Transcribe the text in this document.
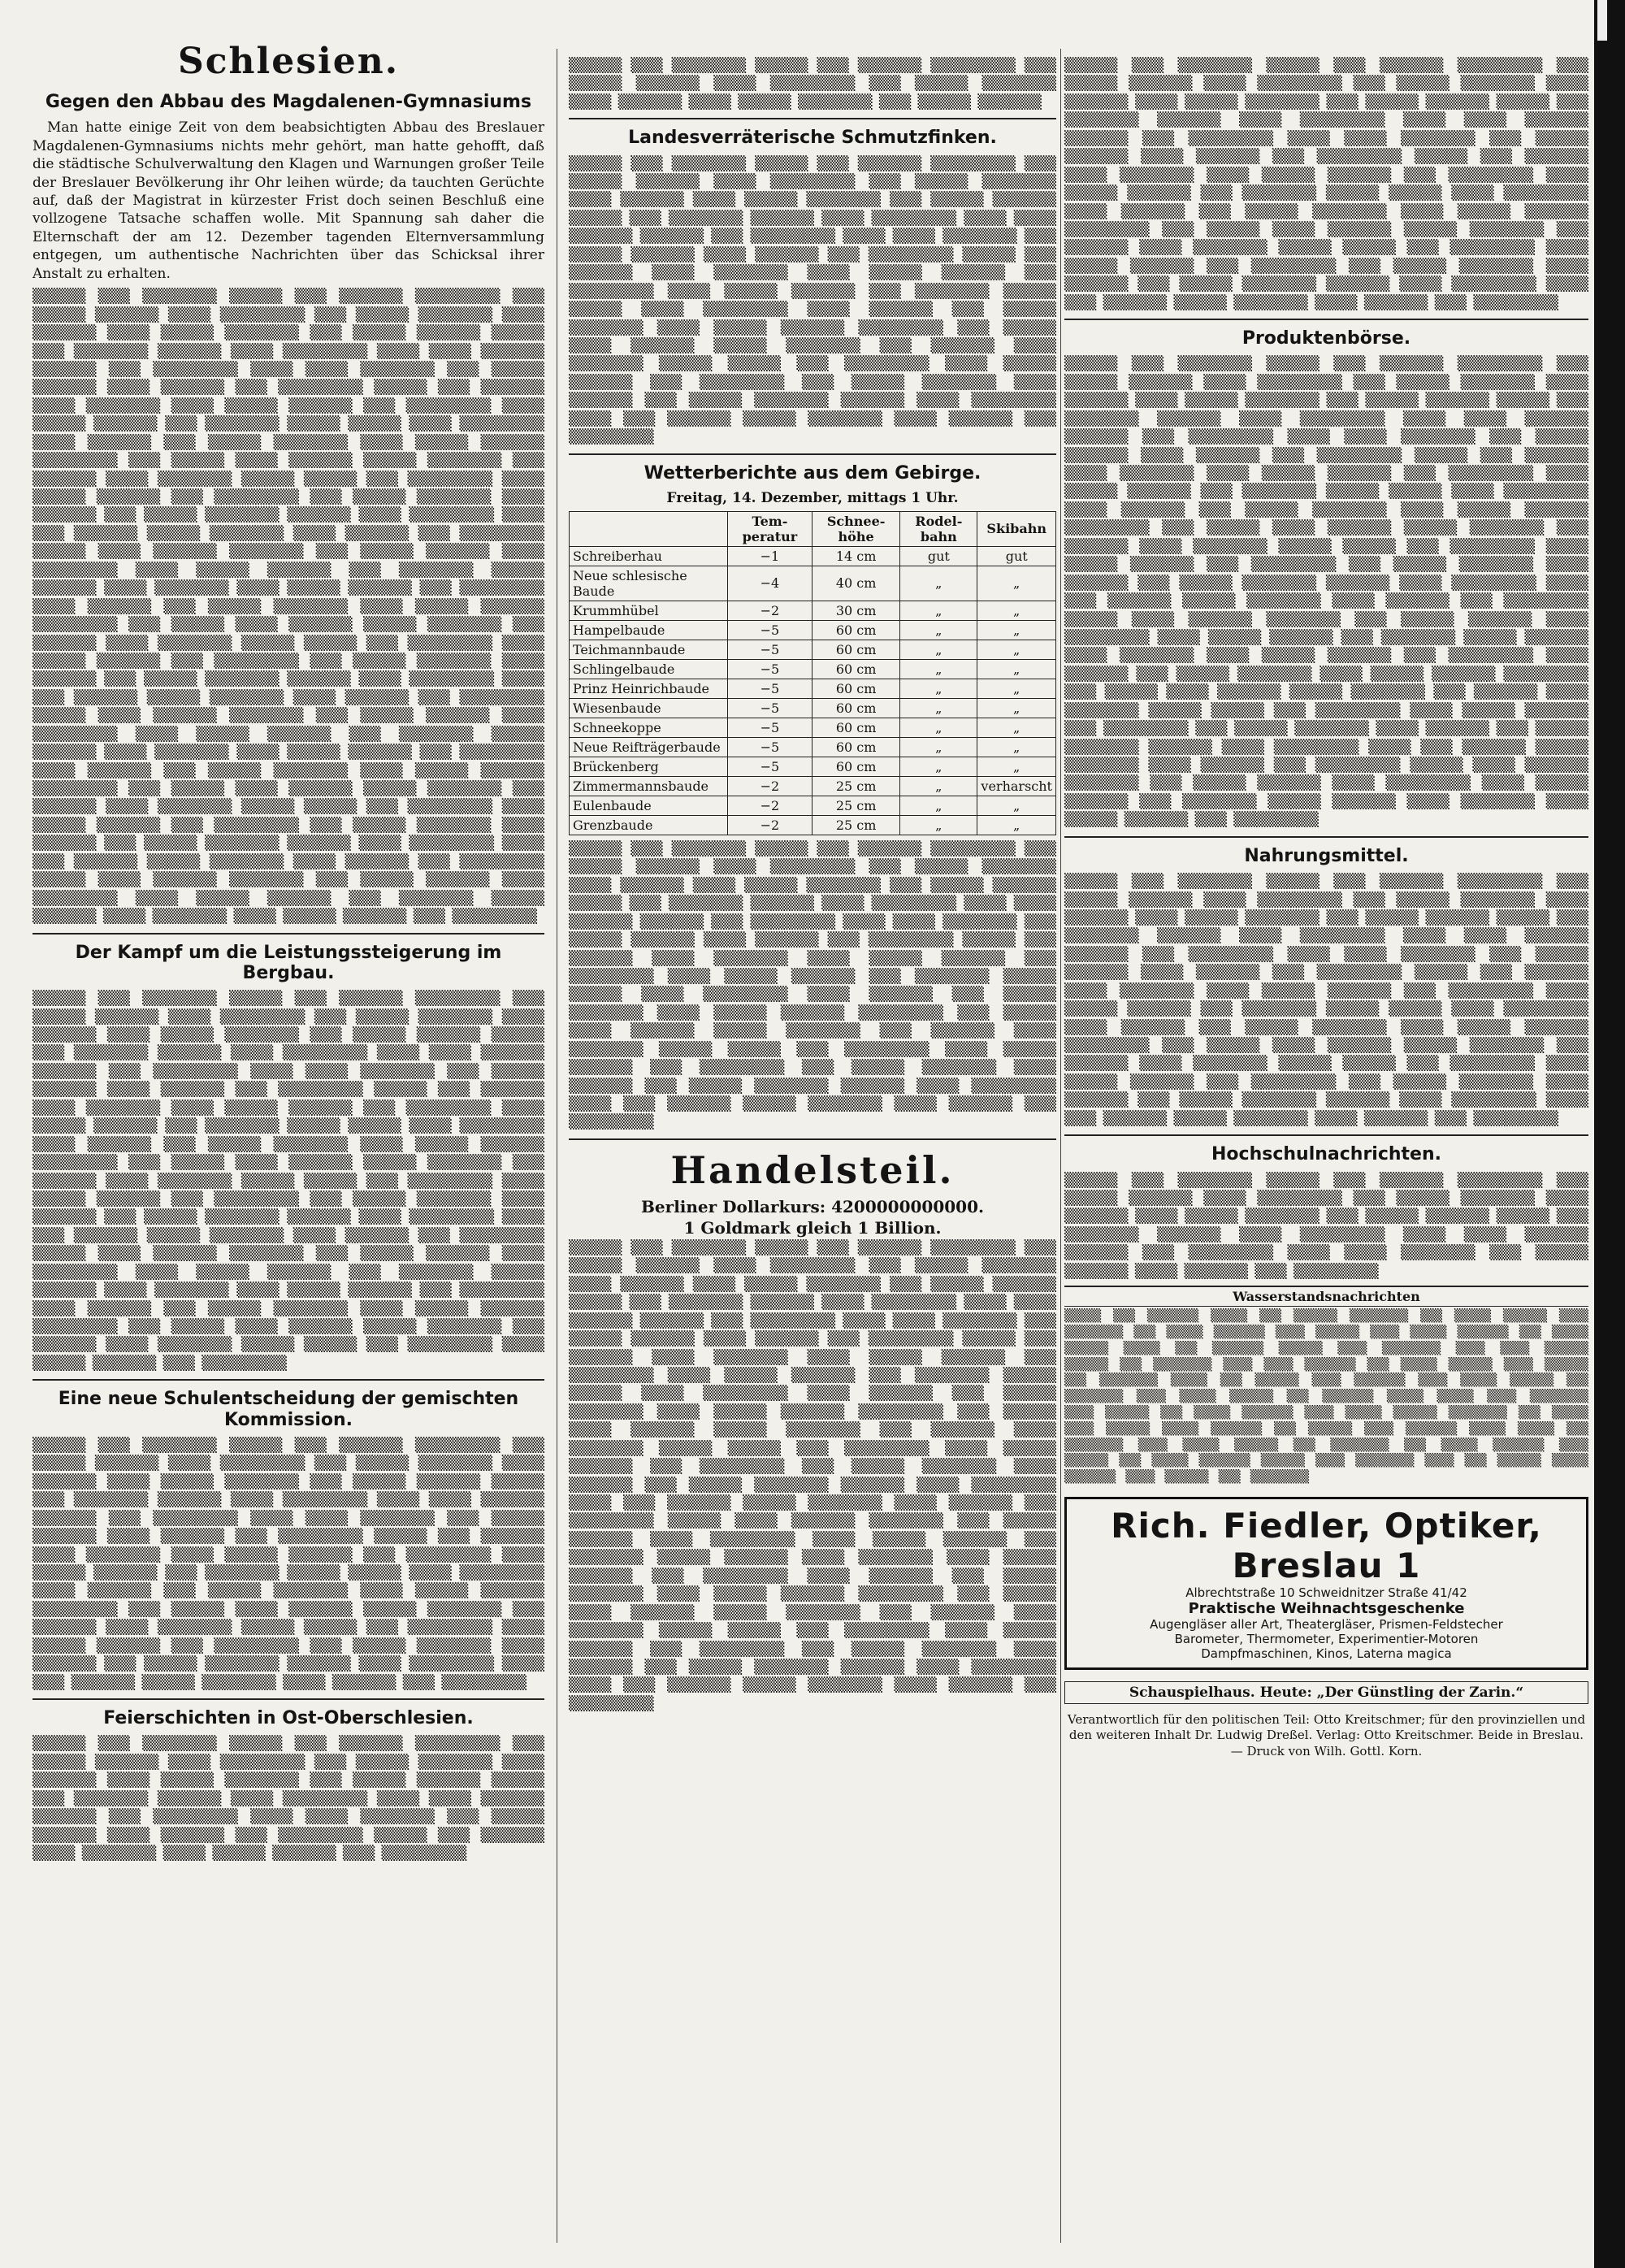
Schlesien.
Gegen den Abbau des Magdalenen-Gymnasiums

Man hatte einige Zeit von dem beabsichtigten Abbau des Breslauer Magdalenen-Gymnasiums nichts mehr gehört, man hatte gehofft, daß die städtische Schulverwaltung den Klagen und Warnungen großer Teile der Breslauer Bevölkerung ihr Ohr leihen würde; da tauchten Gerüchte auf, daß der Magistrat in kürzester Frist doch seinen Beschluß eine vollzogene Tatsache schaffen wolle. Mit Spannung sah daher die Elternschaft der am 12. Dezember tagenden Elternversammlung entgegen, um authentische Nachrichten über das Schicksal ihrer Anstalt zu erhalten.

▒▒▒▒▒ ▒▒▒ ▒▒▒▒▒▒▒ ▒▒▒▒▒ ▒▒▒ ▒▒▒▒▒▒ ▒▒▒▒▒▒▒▒ ▒▒▒ ▒▒▒▒▒ ▒▒▒▒▒▒ ▒▒▒▒ ▒▒▒▒▒▒▒▒ ▒▒▒ ▒▒▒▒▒ ▒▒▒▒▒▒▒ ▒▒▒▒ ▒▒▒▒▒▒ ▒▒▒▒ ▒▒▒▒▒ ▒▒▒▒▒▒▒ ▒▒▒ ▒▒▒▒▒ ▒▒▒▒▒▒ ▒▒▒▒▒ ▒▒▒ ▒▒▒▒▒▒▒ ▒▒▒▒▒▒ ▒▒▒▒ ▒▒▒▒▒▒▒▒ ▒▒▒▒ ▒▒▒▒ ▒▒▒▒▒▒ ▒▒▒▒▒▒ ▒▒▒ ▒▒▒▒▒▒▒▒ ▒▒▒▒ ▒▒▒▒ ▒▒▒▒▒▒▒ ▒▒▒ ▒▒▒▒▒ ▒▒▒▒▒▒ ▒▒▒▒ ▒▒▒▒▒▒ ▒▒▒ ▒▒▒▒▒▒▒▒ ▒▒▒▒▒ ▒▒▒ ▒▒▒▒▒▒ ▒▒▒▒ ▒▒▒▒▒▒▒ ▒▒▒▒ ▒▒▒▒▒ ▒▒▒▒▒▒ ▒▒▒ ▒▒▒▒▒▒▒▒ ▒▒▒▒ ▒▒▒▒▒ ▒▒▒▒▒▒ ▒▒▒ ▒▒▒▒▒▒▒ ▒▒▒▒▒ ▒▒▒▒▒ ▒▒▒▒ ▒▒▒▒▒▒▒▒ ▒▒▒▒ ▒▒▒▒▒▒ ▒▒▒ ▒▒▒▒▒ ▒▒▒▒▒▒▒ ▒▒▒▒ ▒▒▒▒▒ ▒▒▒▒▒▒ ▒▒▒▒▒▒▒▒ ▒▒▒ ▒▒▒▒▒ ▒▒▒▒ ▒▒▒▒▒▒ ▒▒▒▒▒ ▒▒▒▒▒▒▒ ▒▒▒ ▒▒▒▒▒▒ ▒▒▒▒ ▒▒▒▒▒▒▒ ▒▒▒▒▒ ▒▒▒▒▒ ▒▒▒ ▒▒▒▒▒▒▒▒ ▒▒▒▒ ▒▒▒▒▒ ▒▒▒▒▒▒ ▒▒▒ ▒▒▒▒▒▒▒▒ ▒▒▒ ▒▒▒▒▒ ▒▒▒▒▒▒▒ ▒▒▒▒ ▒▒▒▒▒▒ ▒▒▒ ▒▒▒▒▒ ▒▒▒▒▒▒▒ ▒▒▒▒▒▒ ▒▒▒▒ ▒▒▒▒▒▒▒▒ ▒▒▒▒ ▒▒▒ ▒▒▒▒▒▒ ▒▒▒▒▒ ▒▒▒▒▒▒▒ ▒▒▒▒ ▒▒▒▒▒▒ ▒▒▒ ▒▒▒▒▒▒▒▒ ▒▒▒▒▒ ▒▒▒▒ ▒▒▒▒▒▒ ▒▒▒▒▒▒▒ ▒▒▒ ▒▒▒▒▒ ▒▒▒▒▒▒ ▒▒▒▒ ▒▒▒▒▒▒▒▒ ▒▒▒▒ ▒▒▒▒▒ ▒▒▒▒▒▒ ▒▒▒ ▒▒▒▒▒▒▒ ▒▒▒▒▒ ▒▒▒▒▒▒ ▒▒▒▒ ▒▒▒▒▒▒▒ ▒▒▒▒ ▒▒▒▒▒ ▒▒▒▒▒▒ ▒▒▒ ▒▒▒▒▒▒▒▒ ▒▒▒▒ ▒▒▒▒▒▒ ▒▒▒ ▒▒▒▒▒ ▒▒▒▒▒▒▒ ▒▒▒▒ ▒▒▒▒▒ ▒▒▒▒▒▒ ▒▒▒▒▒▒▒▒ ▒▒▒ ▒▒▒▒▒ ▒▒▒▒ ▒▒▒▒▒▒ ▒▒▒▒▒ ▒▒▒▒▒▒▒ ▒▒▒ ▒▒▒▒▒▒ ▒▒▒▒ ▒▒▒▒▒▒▒ ▒▒▒▒▒ ▒▒▒▒▒ ▒▒▒ ▒▒▒▒▒▒▒▒ ▒▒▒▒ ▒▒▒▒▒ ▒▒▒▒▒▒ ▒▒▒ ▒▒▒▒▒▒▒▒ ▒▒▒ ▒▒▒▒▒ ▒▒▒▒▒▒▒ ▒▒▒▒ ▒▒▒▒▒▒ ▒▒▒ ▒▒▒▒▒ ▒▒▒▒▒▒▒ ▒▒▒▒▒▒ ▒▒▒▒ ▒▒▒▒▒▒▒▒ ▒▒▒▒ ▒▒▒ ▒▒▒▒▒▒ ▒▒▒▒▒ ▒▒▒▒▒▒▒ ▒▒▒▒ ▒▒▒▒▒▒ ▒▒▒ ▒▒▒▒▒▒▒▒ ▒▒▒▒▒ ▒▒▒▒ ▒▒▒▒▒▒ ▒▒▒▒▒▒▒ ▒▒▒ ▒▒▒▒▒ ▒▒▒▒▒▒ ▒▒▒▒ ▒▒▒▒▒▒▒▒ ▒▒▒▒ ▒▒▒▒▒ ▒▒▒▒▒▒ ▒▒▒ ▒▒▒▒▒▒▒ ▒▒▒▒▒ ▒▒▒▒▒▒ ▒▒▒▒ ▒▒▒▒▒▒▒ ▒▒▒▒ ▒▒▒▒▒ ▒▒▒▒▒▒ ▒▒▒ ▒▒▒▒▒▒▒▒ ▒▒▒▒ ▒▒▒▒▒▒ ▒▒▒ ▒▒▒▒▒ ▒▒▒▒▒▒▒ ▒▒▒▒ ▒▒▒▒▒ ▒▒▒▒▒▒ ▒▒▒▒▒▒▒▒ ▒▒▒ ▒▒▒▒▒ ▒▒▒▒ ▒▒▒▒▒▒ ▒▒▒▒▒ ▒▒▒▒▒▒▒ ▒▒▒ ▒▒▒▒▒▒ ▒▒▒▒ ▒▒▒▒▒▒▒ ▒▒▒▒▒ ▒▒▒▒▒ ▒▒▒ ▒▒▒▒▒▒▒▒ ▒▒▒▒ ▒▒▒▒▒ ▒▒▒▒▒▒ ▒▒▒ ▒▒▒▒▒▒▒▒ ▒▒▒ ▒▒▒▒▒ ▒▒▒▒▒▒▒ ▒▒▒▒ ▒▒▒▒▒▒ ▒▒▒ ▒▒▒▒▒ ▒▒▒▒▒▒▒ ▒▒▒▒▒▒ ▒▒▒▒ ▒▒▒▒▒▒▒▒ ▒▒▒▒ ▒▒▒ ▒▒▒▒▒▒ ▒▒▒▒▒ ▒▒▒▒▒▒▒ ▒▒▒▒ ▒▒▒▒▒▒ ▒▒▒ ▒▒▒▒▒▒▒▒ ▒▒▒▒▒ ▒▒▒▒ ▒▒▒▒▒▒ ▒▒▒▒▒▒▒ ▒▒▒ ▒▒▒▒▒ ▒▒▒▒▒▒ ▒▒▒▒ ▒▒▒▒▒▒▒▒ ▒▒▒▒ ▒▒▒▒▒ ▒▒▒▒▒▒ ▒▒▒ ▒▒▒▒▒▒▒ ▒▒▒▒▒ ▒▒▒▒▒▒ ▒▒▒▒ ▒▒▒▒▒▒▒ ▒▒▒▒ ▒▒▒▒▒ ▒▒▒▒▒▒ ▒▒▒ ▒▒▒▒▒▒▒▒

Der Kampf um die Leistungssteigerung im Bergbau.

▒▒▒▒▒ ▒▒▒ ▒▒▒▒▒▒▒ ▒▒▒▒▒ ▒▒▒ ▒▒▒▒▒▒ ▒▒▒▒▒▒▒▒ ▒▒▒ ▒▒▒▒▒ ▒▒▒▒▒▒ ▒▒▒▒ ▒▒▒▒▒▒▒▒ ▒▒▒ ▒▒▒▒▒ ▒▒▒▒▒▒▒ ▒▒▒▒ ▒▒▒▒▒▒ ▒▒▒▒ ▒▒▒▒▒ ▒▒▒▒▒▒▒ ▒▒▒ ▒▒▒▒▒ ▒▒▒▒▒▒ ▒▒▒▒▒ ▒▒▒ ▒▒▒▒▒▒▒ ▒▒▒▒▒▒ ▒▒▒▒ ▒▒▒▒▒▒▒▒ ▒▒▒▒ ▒▒▒▒ ▒▒▒▒▒▒ ▒▒▒▒▒▒ ▒▒▒ ▒▒▒▒▒▒▒▒ ▒▒▒▒ ▒▒▒▒ ▒▒▒▒▒▒▒ ▒▒▒ ▒▒▒▒▒ ▒▒▒▒▒▒ ▒▒▒▒ ▒▒▒▒▒▒ ▒▒▒ ▒▒▒▒▒▒▒▒ ▒▒▒▒▒ ▒▒▒ ▒▒▒▒▒▒ ▒▒▒▒ ▒▒▒▒▒▒▒ ▒▒▒▒ ▒▒▒▒▒ ▒▒▒▒▒▒ ▒▒▒ ▒▒▒▒▒▒▒▒ ▒▒▒▒ ▒▒▒▒▒ ▒▒▒▒▒▒ ▒▒▒ ▒▒▒▒▒▒▒ ▒▒▒▒▒ ▒▒▒▒▒ ▒▒▒▒ ▒▒▒▒▒▒▒▒ ▒▒▒▒ ▒▒▒▒▒▒ ▒▒▒ ▒▒▒▒▒ ▒▒▒▒▒▒▒ ▒▒▒▒ ▒▒▒▒▒ ▒▒▒▒▒▒ ▒▒▒▒▒▒▒▒ ▒▒▒ ▒▒▒▒▒ ▒▒▒▒ ▒▒▒▒▒▒ ▒▒▒▒▒ ▒▒▒▒▒▒▒ ▒▒▒ ▒▒▒▒▒▒ ▒▒▒▒ ▒▒▒▒▒▒▒ ▒▒▒▒▒ ▒▒▒▒▒ ▒▒▒ ▒▒▒▒▒▒▒▒ ▒▒▒▒ ▒▒▒▒▒ ▒▒▒▒▒▒ ▒▒▒ ▒▒▒▒▒▒▒▒ ▒▒▒ ▒▒▒▒▒ ▒▒▒▒▒▒▒ ▒▒▒▒ ▒▒▒▒▒▒ ▒▒▒ ▒▒▒▒▒ ▒▒▒▒▒▒▒ ▒▒▒▒▒▒ ▒▒▒▒ ▒▒▒▒▒▒▒▒ ▒▒▒▒ ▒▒▒ ▒▒▒▒▒▒ ▒▒▒▒▒ ▒▒▒▒▒▒▒ ▒▒▒▒ ▒▒▒▒▒▒ ▒▒▒ ▒▒▒▒▒▒▒▒ ▒▒▒▒▒ ▒▒▒▒ ▒▒▒▒▒▒ ▒▒▒▒▒▒▒ ▒▒▒ ▒▒▒▒▒ ▒▒▒▒▒▒ ▒▒▒▒ ▒▒▒▒▒▒▒▒ ▒▒▒▒ ▒▒▒▒▒ ▒▒▒▒▒▒ ▒▒▒ ▒▒▒▒▒▒▒ ▒▒▒▒▒ ▒▒▒▒▒▒ ▒▒▒▒ ▒▒▒▒▒▒▒ ▒▒▒▒ ▒▒▒▒▒ ▒▒▒▒▒▒ ▒▒▒ ▒▒▒▒▒▒▒▒ ▒▒▒▒ ▒▒▒▒▒▒ ▒▒▒ ▒▒▒▒▒ ▒▒▒▒▒▒▒ ▒▒▒▒ ▒▒▒▒▒ ▒▒▒▒▒▒ ▒▒▒▒▒▒▒▒ ▒▒▒ ▒▒▒▒▒ ▒▒▒▒ ▒▒▒▒▒▒ ▒▒▒▒▒ ▒▒▒▒▒▒▒ ▒▒▒ ▒▒▒▒▒▒ ▒▒▒▒ ▒▒▒▒▒▒▒ ▒▒▒▒▒ ▒▒▒▒▒ ▒▒▒ ▒▒▒▒▒▒▒▒ ▒▒▒▒ ▒▒▒▒▒ ▒▒▒▒▒▒ ▒▒▒ ▒▒▒▒▒▒▒▒

Eine neue Schulentscheidung der gemischten Kommission.

▒▒▒▒▒ ▒▒▒ ▒▒▒▒▒▒▒ ▒▒▒▒▒ ▒▒▒ ▒▒▒▒▒▒ ▒▒▒▒▒▒▒▒ ▒▒▒ ▒▒▒▒▒ ▒▒▒▒▒▒ ▒▒▒▒ ▒▒▒▒▒▒▒▒ ▒▒▒ ▒▒▒▒▒ ▒▒▒▒▒▒▒ ▒▒▒▒ ▒▒▒▒▒▒ ▒▒▒▒ ▒▒▒▒▒ ▒▒▒▒▒▒▒ ▒▒▒ ▒▒▒▒▒ ▒▒▒▒▒▒ ▒▒▒▒▒ ▒▒▒ ▒▒▒▒▒▒▒ ▒▒▒▒▒▒ ▒▒▒▒ ▒▒▒▒▒▒▒▒ ▒▒▒▒ ▒▒▒▒ ▒▒▒▒▒▒ ▒▒▒▒▒▒ ▒▒▒ ▒▒▒▒▒▒▒▒ ▒▒▒▒ ▒▒▒▒ ▒▒▒▒▒▒▒ ▒▒▒ ▒▒▒▒▒ ▒▒▒▒▒▒ ▒▒▒▒ ▒▒▒▒▒▒ ▒▒▒ ▒▒▒▒▒▒▒▒ ▒▒▒▒▒ ▒▒▒ ▒▒▒▒▒▒ ▒▒▒▒ ▒▒▒▒▒▒▒ ▒▒▒▒ ▒▒▒▒▒ ▒▒▒▒▒▒ ▒▒▒ ▒▒▒▒▒▒▒▒ ▒▒▒▒ ▒▒▒▒▒ ▒▒▒▒▒▒ ▒▒▒ ▒▒▒▒▒▒▒ ▒▒▒▒▒ ▒▒▒▒▒ ▒▒▒▒ ▒▒▒▒▒▒▒▒ ▒▒▒▒ ▒▒▒▒▒▒ ▒▒▒ ▒▒▒▒▒ ▒▒▒▒▒▒▒ ▒▒▒▒ ▒▒▒▒▒ ▒▒▒▒▒▒ ▒▒▒▒▒▒▒▒ ▒▒▒ ▒▒▒▒▒ ▒▒▒▒ ▒▒▒▒▒▒ ▒▒▒▒▒ ▒▒▒▒▒▒▒ ▒▒▒ ▒▒▒▒▒▒ ▒▒▒▒ ▒▒▒▒▒▒▒ ▒▒▒▒▒ ▒▒▒▒▒ ▒▒▒ ▒▒▒▒▒▒▒▒ ▒▒▒▒ ▒▒▒▒▒ ▒▒▒▒▒▒ ▒▒▒ ▒▒▒▒▒▒▒▒ ▒▒▒ ▒▒▒▒▒ ▒▒▒▒▒▒▒ ▒▒▒▒ ▒▒▒▒▒▒ ▒▒▒ ▒▒▒▒▒ ▒▒▒▒▒▒▒ ▒▒▒▒▒▒ ▒▒▒▒ ▒▒▒▒▒▒▒▒ ▒▒▒▒ ▒▒▒ ▒▒▒▒▒▒ ▒▒▒▒▒ ▒▒▒▒▒▒▒ ▒▒▒▒ ▒▒▒▒▒▒ ▒▒▒ ▒▒▒▒▒▒▒▒

Feierschichten in Ost-Oberschlesien.

▒▒▒▒▒ ▒▒▒ ▒▒▒▒▒▒▒ ▒▒▒▒▒ ▒▒▒ ▒▒▒▒▒▒ ▒▒▒▒▒▒▒▒ ▒▒▒ ▒▒▒▒▒ ▒▒▒▒▒▒ ▒▒▒▒ ▒▒▒▒▒▒▒▒ ▒▒▒ ▒▒▒▒▒ ▒▒▒▒▒▒▒ ▒▒▒▒ ▒▒▒▒▒▒ ▒▒▒▒ ▒▒▒▒▒ ▒▒▒▒▒▒▒ ▒▒▒ ▒▒▒▒▒ ▒▒▒▒▒▒ ▒▒▒▒▒ ▒▒▒ ▒▒▒▒▒▒▒ ▒▒▒▒▒▒ ▒▒▒▒ ▒▒▒▒▒▒▒▒ ▒▒▒▒ ▒▒▒▒ ▒▒▒▒▒▒ ▒▒▒▒▒▒ ▒▒▒ ▒▒▒▒▒▒▒▒ ▒▒▒▒ ▒▒▒▒ ▒▒▒▒▒▒▒ ▒▒▒ ▒▒▒▒▒ ▒▒▒▒▒▒ ▒▒▒▒ ▒▒▒▒▒▒ ▒▒▒ ▒▒▒▒▒▒▒▒ ▒▒▒▒▒ ▒▒▒ ▒▒▒▒▒▒ ▒▒▒▒ ▒▒▒▒▒▒▒ ▒▒▒▒ ▒▒▒▒▒ ▒▒▒▒▒▒ ▒▒▒ ▒▒▒▒▒▒▒▒

▒▒▒▒▒ ▒▒▒ ▒▒▒▒▒▒▒ ▒▒▒▒▒ ▒▒▒ ▒▒▒▒▒▒ ▒▒▒▒▒▒▒▒ ▒▒▒ ▒▒▒▒▒ ▒▒▒▒▒▒ ▒▒▒▒ ▒▒▒▒▒▒▒▒ ▒▒▒ ▒▒▒▒▒ ▒▒▒▒▒▒▒ ▒▒▒▒ ▒▒▒▒▒▒ ▒▒▒▒ ▒▒▒▒▒ ▒▒▒▒▒▒▒ ▒▒▒ ▒▒▒▒▒ ▒▒▒▒▒▒

Landesverräterische Schmutzfinken.

▒▒▒▒▒ ▒▒▒ ▒▒▒▒▒▒▒ ▒▒▒▒▒ ▒▒▒ ▒▒▒▒▒▒ ▒▒▒▒▒▒▒▒ ▒▒▒ ▒▒▒▒▒ ▒▒▒▒▒▒ ▒▒▒▒ ▒▒▒▒▒▒▒▒ ▒▒▒ ▒▒▒▒▒ ▒▒▒▒▒▒▒ ▒▒▒▒ ▒▒▒▒▒▒ ▒▒▒▒ ▒▒▒▒▒ ▒▒▒▒▒▒▒ ▒▒▒ ▒▒▒▒▒ ▒▒▒▒▒▒ ▒▒▒▒▒ ▒▒▒ ▒▒▒▒▒▒▒ ▒▒▒▒▒▒ ▒▒▒▒ ▒▒▒▒▒▒▒▒ ▒▒▒▒ ▒▒▒▒ ▒▒▒▒▒▒ ▒▒▒▒▒▒ ▒▒▒ ▒▒▒▒▒▒▒▒ ▒▒▒▒ ▒▒▒▒ ▒▒▒▒▒▒▒ ▒▒▒ ▒▒▒▒▒ ▒▒▒▒▒▒ ▒▒▒▒ ▒▒▒▒▒▒ ▒▒▒ ▒▒▒▒▒▒▒▒ ▒▒▒▒▒ ▒▒▒ ▒▒▒▒▒▒ ▒▒▒▒ ▒▒▒▒▒▒▒ ▒▒▒▒ ▒▒▒▒▒ ▒▒▒▒▒▒ ▒▒▒ ▒▒▒▒▒▒▒▒ ▒▒▒▒ ▒▒▒▒▒ ▒▒▒▒▒▒ ▒▒▒ ▒▒▒▒▒▒▒ ▒▒▒▒▒ ▒▒▒▒▒ ▒▒▒▒ ▒▒▒▒▒▒▒▒ ▒▒▒▒ ▒▒▒▒▒▒ ▒▒▒ ▒▒▒▒▒ ▒▒▒▒▒▒▒ ▒▒▒▒ ▒▒▒▒▒ ▒▒▒▒▒▒ ▒▒▒▒▒▒▒▒ ▒▒▒ ▒▒▒▒▒ ▒▒▒▒ ▒▒▒▒▒▒ ▒▒▒▒▒ ▒▒▒▒▒▒▒ ▒▒▒ ▒▒▒▒▒▒ ▒▒▒▒ ▒▒▒▒▒▒▒ ▒▒▒▒▒ ▒▒▒▒▒ ▒▒▒ ▒▒▒▒▒▒▒▒ ▒▒▒▒ ▒▒▒▒▒ ▒▒▒▒▒▒ ▒▒▒ ▒▒▒▒▒▒▒▒ ▒▒▒ ▒▒▒▒▒ ▒▒▒▒▒▒▒ ▒▒▒▒ ▒▒▒▒▒▒ ▒▒▒ ▒▒▒▒▒ ▒▒▒▒▒▒▒ ▒▒▒▒▒▒ ▒▒▒▒ ▒▒▒▒▒▒▒▒ ▒▒▒▒ ▒▒▒ ▒▒▒▒▒▒ ▒▒▒▒▒ ▒▒▒▒▒▒▒ ▒▒▒▒ ▒▒▒▒▒▒ ▒▒▒ ▒▒▒▒▒▒▒▒

Wetterberichte aus dem Gebirge.
Freitag, 14. Dezember, mittags 1 Uhr.
	Tem-peratur	Schnee-höhe	Rodel-bahn	Skibahn
Schreiberhau	−1	14 cm	gut	gut
Neue schlesische Baude	−4	40 cm	„	„
Krummhübel	−2	30 cm	„	„
Hampelbaude	−5	60 cm	„	„
Teichmannbaude	−5	60 cm	„	„
Schlingelbaude	−5	60 cm	„	„
Prinz Heinrichbaude	−5	60 cm	„	„
Wiesenbaude	−5	60 cm	„	„
Schneekoppe	−5	60 cm	„	„
Neue Reifträgerbaude	−5	60 cm	„	„
Brückenberg	−5	60 cm	„	„
Zimmermannsbaude	−2	25 cm	„	verharscht
Eulenbaude	−2	25 cm	„	„
Grenzbaude	−2	25 cm	„	„

▒▒▒▒▒ ▒▒▒ ▒▒▒▒▒▒▒ ▒▒▒▒▒ ▒▒▒ ▒▒▒▒▒▒ ▒▒▒▒▒▒▒▒ ▒▒▒ ▒▒▒▒▒ ▒▒▒▒▒▒ ▒▒▒▒ ▒▒▒▒▒▒▒▒ ▒▒▒ ▒▒▒▒▒ ▒▒▒▒▒▒▒ ▒▒▒▒ ▒▒▒▒▒▒ ▒▒▒▒ ▒▒▒▒▒ ▒▒▒▒▒▒▒ ▒▒▒ ▒▒▒▒▒ ▒▒▒▒▒▒ ▒▒▒▒▒ ▒▒▒ ▒▒▒▒▒▒▒ ▒▒▒▒▒▒ ▒▒▒▒ ▒▒▒▒▒▒▒▒ ▒▒▒▒ ▒▒▒▒ ▒▒▒▒▒▒ ▒▒▒▒▒▒ ▒▒▒ ▒▒▒▒▒▒▒▒ ▒▒▒▒ ▒▒▒▒ ▒▒▒▒▒▒▒ ▒▒▒ ▒▒▒▒▒ ▒▒▒▒▒▒ ▒▒▒▒ ▒▒▒▒▒▒ ▒▒▒ ▒▒▒▒▒▒▒▒ ▒▒▒▒▒ ▒▒▒ ▒▒▒▒▒▒ ▒▒▒▒ ▒▒▒▒▒▒▒ ▒▒▒▒ ▒▒▒▒▒ ▒▒▒▒▒▒ ▒▒▒ ▒▒▒▒▒▒▒▒ ▒▒▒▒ ▒▒▒▒▒ ▒▒▒▒▒▒ ▒▒▒ ▒▒▒▒▒▒▒ ▒▒▒▒▒ ▒▒▒▒▒ ▒▒▒▒ ▒▒▒▒▒▒▒▒ ▒▒▒▒ ▒▒▒▒▒▒ ▒▒▒ ▒▒▒▒▒ ▒▒▒▒▒▒▒ ▒▒▒▒ ▒▒▒▒▒ ▒▒▒▒▒▒ ▒▒▒▒▒▒▒▒ ▒▒▒ ▒▒▒▒▒ ▒▒▒▒ ▒▒▒▒▒▒ ▒▒▒▒▒ ▒▒▒▒▒▒▒ ▒▒▒ ▒▒▒▒▒▒ ▒▒▒▒ ▒▒▒▒▒▒▒ ▒▒▒▒▒ ▒▒▒▒▒ ▒▒▒ ▒▒▒▒▒▒▒▒ ▒▒▒▒ ▒▒▒▒▒ ▒▒▒▒▒▒ ▒▒▒ ▒▒▒▒▒▒▒▒ ▒▒▒ ▒▒▒▒▒ ▒▒▒▒▒▒▒ ▒▒▒▒ ▒▒▒▒▒▒ ▒▒▒ ▒▒▒▒▒ ▒▒▒▒▒▒▒ ▒▒▒▒▒▒ ▒▒▒▒ ▒▒▒▒▒▒▒▒ ▒▒▒▒ ▒▒▒ ▒▒▒▒▒▒ ▒▒▒▒▒ ▒▒▒▒▒▒▒ ▒▒▒▒ ▒▒▒▒▒▒ ▒▒▒ ▒▒▒▒▒▒▒▒

Handelsteil.
Berliner Dollarkurs: 4200000000000.
1 Goldmark gleich 1 Billion.

▒▒▒▒▒ ▒▒▒ ▒▒▒▒▒▒▒ ▒▒▒▒▒ ▒▒▒ ▒▒▒▒▒▒ ▒▒▒▒▒▒▒▒ ▒▒▒ ▒▒▒▒▒ ▒▒▒▒▒▒ ▒▒▒▒ ▒▒▒▒▒▒▒▒ ▒▒▒ ▒▒▒▒▒ ▒▒▒▒▒▒▒ ▒▒▒▒ ▒▒▒▒▒▒ ▒▒▒▒ ▒▒▒▒▒ ▒▒▒▒▒▒▒ ▒▒▒ ▒▒▒▒▒ ▒▒▒▒▒▒ ▒▒▒▒▒ ▒▒▒ ▒▒▒▒▒▒▒ ▒▒▒▒▒▒ ▒▒▒▒ ▒▒▒▒▒▒▒▒ ▒▒▒▒ ▒▒▒▒ ▒▒▒▒▒▒ ▒▒▒▒▒▒ ▒▒▒ ▒▒▒▒▒▒▒▒ ▒▒▒▒ ▒▒▒▒ ▒▒▒▒▒▒▒ ▒▒▒ ▒▒▒▒▒ ▒▒▒▒▒▒ ▒▒▒▒ ▒▒▒▒▒▒ ▒▒▒ ▒▒▒▒▒▒▒▒ ▒▒▒▒▒ ▒▒▒ ▒▒▒▒▒▒ ▒▒▒▒ ▒▒▒▒▒▒▒ ▒▒▒▒ ▒▒▒▒▒ ▒▒▒▒▒▒ ▒▒▒ ▒▒▒▒▒▒▒▒ ▒▒▒▒ ▒▒▒▒▒ ▒▒▒▒▒▒ ▒▒▒ ▒▒▒▒▒▒▒ ▒▒▒▒▒ ▒▒▒▒▒ ▒▒▒▒ ▒▒▒▒▒▒▒▒ ▒▒▒▒ ▒▒▒▒▒▒ ▒▒▒ ▒▒▒▒▒ ▒▒▒▒▒▒▒ ▒▒▒▒ ▒▒▒▒▒ ▒▒▒▒▒▒ ▒▒▒▒▒▒▒▒ ▒▒▒ ▒▒▒▒▒ ▒▒▒▒ ▒▒▒▒▒▒ ▒▒▒▒▒ ▒▒▒▒▒▒▒ ▒▒▒ ▒▒▒▒▒▒ ▒▒▒▒ ▒▒▒▒▒▒▒ ▒▒▒▒▒ ▒▒▒▒▒ ▒▒▒ ▒▒▒▒▒▒▒▒ ▒▒▒▒ ▒▒▒▒▒ ▒▒▒▒▒▒ ▒▒▒ ▒▒▒▒▒▒▒▒ ▒▒▒ ▒▒▒▒▒ ▒▒▒▒▒▒▒ ▒▒▒▒ ▒▒▒▒▒▒ ▒▒▒ ▒▒▒▒▒ ▒▒▒▒▒▒▒ ▒▒▒▒▒▒ ▒▒▒▒ ▒▒▒▒▒▒▒▒ ▒▒▒▒ ▒▒▒ ▒▒▒▒▒▒ ▒▒▒▒▒ ▒▒▒▒▒▒▒ ▒▒▒▒ ▒▒▒▒▒▒ ▒▒▒ ▒▒▒▒▒▒▒▒ ▒▒▒▒▒ ▒▒▒▒ ▒▒▒▒▒▒ ▒▒▒▒▒▒▒ ▒▒▒ ▒▒▒▒▒ ▒▒▒▒▒▒ ▒▒▒▒ ▒▒▒▒▒▒▒▒ ▒▒▒▒ ▒▒▒▒▒ ▒▒▒▒▒▒ ▒▒▒ ▒▒▒▒▒▒▒ ▒▒▒▒▒ ▒▒▒▒▒▒ ▒▒▒▒ ▒▒▒▒▒▒▒ ▒▒▒▒ ▒▒▒▒▒ ▒▒▒▒▒▒ ▒▒▒ ▒▒▒▒▒▒▒▒ ▒▒▒▒ ▒▒▒▒▒▒ ▒▒▒ ▒▒▒▒▒ ▒▒▒▒▒▒▒ ▒▒▒▒ ▒▒▒▒▒ ▒▒▒▒▒▒ ▒▒▒▒▒▒▒▒ ▒▒▒ ▒▒▒▒▒ ▒▒▒▒ ▒▒▒▒▒▒ ▒▒▒▒▒ ▒▒▒▒▒▒▒ ▒▒▒ ▒▒▒▒▒▒ ▒▒▒▒ ▒▒▒▒▒▒▒ ▒▒▒▒▒ ▒▒▒▒▒ ▒▒▒ ▒▒▒▒▒▒▒▒ ▒▒▒▒ ▒▒▒▒▒ ▒▒▒▒▒▒ ▒▒▒ ▒▒▒▒▒▒▒▒ ▒▒▒ ▒▒▒▒▒ ▒▒▒▒▒▒▒ ▒▒▒▒ ▒▒▒▒▒▒ ▒▒▒ ▒▒▒▒▒ ▒▒▒▒▒▒▒ ▒▒▒▒▒▒ ▒▒▒▒ ▒▒▒▒▒▒▒▒ ▒▒▒▒ ▒▒▒ ▒▒▒▒▒▒ ▒▒▒▒▒ ▒▒▒▒▒▒▒ ▒▒▒▒ ▒▒▒▒▒▒ ▒▒▒ ▒▒▒▒▒▒▒▒

▒▒▒▒▒ ▒▒▒ ▒▒▒▒▒▒▒ ▒▒▒▒▒ ▒▒▒ ▒▒▒▒▒▒ ▒▒▒▒▒▒▒▒ ▒▒▒ ▒▒▒▒▒ ▒▒▒▒▒▒ ▒▒▒▒ ▒▒▒▒▒▒▒▒ ▒▒▒ ▒▒▒▒▒ ▒▒▒▒▒▒▒ ▒▒▒▒ ▒▒▒▒▒▒ ▒▒▒▒ ▒▒▒▒▒ ▒▒▒▒▒▒▒ ▒▒▒ ▒▒▒▒▒ ▒▒▒▒▒▒ ▒▒▒▒▒ ▒▒▒ ▒▒▒▒▒▒▒ ▒▒▒▒▒▒ ▒▒▒▒ ▒▒▒▒▒▒▒▒ ▒▒▒▒ ▒▒▒▒ ▒▒▒▒▒▒ ▒▒▒▒▒▒ ▒▒▒ ▒▒▒▒▒▒▒▒ ▒▒▒▒ ▒▒▒▒ ▒▒▒▒▒▒▒ ▒▒▒ ▒▒▒▒▒ ▒▒▒▒▒▒ ▒▒▒▒ ▒▒▒▒▒▒ ▒▒▒ ▒▒▒▒▒▒▒▒ ▒▒▒▒▒ ▒▒▒ ▒▒▒▒▒▒ ▒▒▒▒ ▒▒▒▒▒▒▒ ▒▒▒▒ ▒▒▒▒▒ ▒▒▒▒▒▒ ▒▒▒ ▒▒▒▒▒▒▒▒ ▒▒▒▒ ▒▒▒▒▒ ▒▒▒▒▒▒ ▒▒▒ ▒▒▒▒▒▒▒ ▒▒▒▒▒ ▒▒▒▒▒ ▒▒▒▒ ▒▒▒▒▒▒▒▒ ▒▒▒▒ ▒▒▒▒▒▒ ▒▒▒ ▒▒▒▒▒ ▒▒▒▒▒▒▒ ▒▒▒▒ ▒▒▒▒▒ ▒▒▒▒▒▒ ▒▒▒▒▒▒▒▒ ▒▒▒ ▒▒▒▒▒ ▒▒▒▒ ▒▒▒▒▒▒ ▒▒▒▒▒ ▒▒▒▒▒▒▒ ▒▒▒ ▒▒▒▒▒▒ ▒▒▒▒ ▒▒▒▒▒▒▒ ▒▒▒▒▒ ▒▒▒▒▒ ▒▒▒ ▒▒▒▒▒▒▒▒ ▒▒▒▒ ▒▒▒▒▒ ▒▒▒▒▒▒ ▒▒▒ ▒▒▒▒▒▒▒▒ ▒▒▒ ▒▒▒▒▒ ▒▒▒▒▒▒▒ ▒▒▒▒ ▒▒▒▒▒▒ ▒▒▒ ▒▒▒▒▒ ▒▒▒▒▒▒▒ ▒▒▒▒▒▒ ▒▒▒▒ ▒▒▒▒▒▒▒▒ ▒▒▒▒ ▒▒▒ ▒▒▒▒▒▒ ▒▒▒▒▒ ▒▒▒▒▒▒▒ ▒▒▒▒ ▒▒▒▒▒▒ ▒▒▒ ▒▒▒▒▒▒▒▒

Produktenbörse.

▒▒▒▒▒ ▒▒▒ ▒▒▒▒▒▒▒ ▒▒▒▒▒ ▒▒▒ ▒▒▒▒▒▒ ▒▒▒▒▒▒▒▒ ▒▒▒ ▒▒▒▒▒ ▒▒▒▒▒▒ ▒▒▒▒ ▒▒▒▒▒▒▒▒ ▒▒▒ ▒▒▒▒▒ ▒▒▒▒▒▒▒ ▒▒▒▒ ▒▒▒▒▒▒ ▒▒▒▒ ▒▒▒▒▒ ▒▒▒▒▒▒▒ ▒▒▒ ▒▒▒▒▒ ▒▒▒▒▒▒ ▒▒▒▒▒ ▒▒▒ ▒▒▒▒▒▒▒ ▒▒▒▒▒▒ ▒▒▒▒ ▒▒▒▒▒▒▒▒ ▒▒▒▒ ▒▒▒▒ ▒▒▒▒▒▒ ▒▒▒▒▒▒ ▒▒▒ ▒▒▒▒▒▒▒▒ ▒▒▒▒ ▒▒▒▒ ▒▒▒▒▒▒▒ ▒▒▒ ▒▒▒▒▒ ▒▒▒▒▒▒ ▒▒▒▒ ▒▒▒▒▒▒ ▒▒▒ ▒▒▒▒▒▒▒▒ ▒▒▒▒▒ ▒▒▒ ▒▒▒▒▒▒ ▒▒▒▒ ▒▒▒▒▒▒▒ ▒▒▒▒ ▒▒▒▒▒ ▒▒▒▒▒▒ ▒▒▒ ▒▒▒▒▒▒▒▒ ▒▒▒▒ ▒▒▒▒▒ ▒▒▒▒▒▒ ▒▒▒ ▒▒▒▒▒▒▒ ▒▒▒▒▒ ▒▒▒▒▒ ▒▒▒▒ ▒▒▒▒▒▒▒▒ ▒▒▒▒ ▒▒▒▒▒▒ ▒▒▒ ▒▒▒▒▒ ▒▒▒▒▒▒▒ ▒▒▒▒ ▒▒▒▒▒ ▒▒▒▒▒▒ ▒▒▒▒▒▒▒▒ ▒▒▒ ▒▒▒▒▒ ▒▒▒▒ ▒▒▒▒▒▒ ▒▒▒▒▒ ▒▒▒▒▒▒▒ ▒▒▒ ▒▒▒▒▒▒ ▒▒▒▒ ▒▒▒▒▒▒▒ ▒▒▒▒▒ ▒▒▒▒▒ ▒▒▒ ▒▒▒▒▒▒▒▒ ▒▒▒▒ ▒▒▒▒▒ ▒▒▒▒▒▒ ▒▒▒ ▒▒▒▒▒▒▒▒ ▒▒▒ ▒▒▒▒▒ ▒▒▒▒▒▒▒ ▒▒▒▒ ▒▒▒▒▒▒ ▒▒▒ ▒▒▒▒▒ ▒▒▒▒▒▒▒ ▒▒▒▒▒▒ ▒▒▒▒ ▒▒▒▒▒▒▒▒ ▒▒▒▒ ▒▒▒ ▒▒▒▒▒▒ ▒▒▒▒▒ ▒▒▒▒▒▒▒ ▒▒▒▒ ▒▒▒▒▒▒ ▒▒▒ ▒▒▒▒▒▒▒▒ ▒▒▒▒▒ ▒▒▒▒ ▒▒▒▒▒▒ ▒▒▒▒▒▒▒ ▒▒▒ ▒▒▒▒▒ ▒▒▒▒▒▒ ▒▒▒▒ ▒▒▒▒▒▒▒▒ ▒▒▒▒ ▒▒▒▒▒ ▒▒▒▒▒▒ ▒▒▒ ▒▒▒▒▒▒▒ ▒▒▒▒▒ ▒▒▒▒▒▒ ▒▒▒▒ ▒▒▒▒▒▒▒ ▒▒▒▒ ▒▒▒▒▒ ▒▒▒▒▒▒ ▒▒▒ ▒▒▒▒▒▒▒▒ ▒▒▒▒ ▒▒▒▒▒▒ ▒▒▒ ▒▒▒▒▒ ▒▒▒▒▒▒▒ ▒▒▒▒ ▒▒▒▒▒ ▒▒▒▒▒▒ ▒▒▒▒▒▒▒▒ ▒▒▒ ▒▒▒▒▒ ▒▒▒▒ ▒▒▒▒▒▒ ▒▒▒▒▒ ▒▒▒▒▒▒▒ ▒▒▒ ▒▒▒▒▒▒ ▒▒▒▒ ▒▒▒▒▒▒▒ ▒▒▒▒▒ ▒▒▒▒▒ ▒▒▒ ▒▒▒▒▒▒▒▒ ▒▒▒▒ ▒▒▒▒▒ ▒▒▒▒▒▒ ▒▒▒ ▒▒▒▒▒▒▒▒ ▒▒▒ ▒▒▒▒▒ ▒▒▒▒▒▒▒ ▒▒▒▒ ▒▒▒▒▒▒ ▒▒▒ ▒▒▒▒▒ ▒▒▒▒▒▒▒ ▒▒▒▒▒▒ ▒▒▒▒ ▒▒▒▒▒▒▒▒ ▒▒▒▒ ▒▒▒ ▒▒▒▒▒▒ ▒▒▒▒▒ ▒▒▒▒▒▒▒ ▒▒▒▒ ▒▒▒▒▒▒ ▒▒▒ ▒▒▒▒▒▒▒▒ ▒▒▒▒▒ ▒▒▒▒ ▒▒▒▒▒▒ ▒▒▒▒▒▒▒ ▒▒▒ ▒▒▒▒▒ ▒▒▒▒▒▒ ▒▒▒▒ ▒▒▒▒▒▒▒▒ ▒▒▒▒ ▒▒▒▒▒ ▒▒▒▒▒▒ ▒▒▒ ▒▒▒▒▒▒▒ ▒▒▒▒▒ ▒▒▒▒▒▒ ▒▒▒▒ ▒▒▒▒▒▒▒ ▒▒▒▒ ▒▒▒▒▒ ▒▒▒▒▒▒ ▒▒▒ ▒▒▒▒▒▒▒▒

Nahrungsmittel.

▒▒▒▒▒ ▒▒▒ ▒▒▒▒▒▒▒ ▒▒▒▒▒ ▒▒▒ ▒▒▒▒▒▒ ▒▒▒▒▒▒▒▒ ▒▒▒ ▒▒▒▒▒ ▒▒▒▒▒▒ ▒▒▒▒ ▒▒▒▒▒▒▒▒ ▒▒▒ ▒▒▒▒▒ ▒▒▒▒▒▒▒ ▒▒▒▒ ▒▒▒▒▒▒ ▒▒▒▒ ▒▒▒▒▒ ▒▒▒▒▒▒▒ ▒▒▒ ▒▒▒▒▒ ▒▒▒▒▒▒ ▒▒▒▒▒ ▒▒▒ ▒▒▒▒▒▒▒ ▒▒▒▒▒▒ ▒▒▒▒ ▒▒▒▒▒▒▒▒ ▒▒▒▒ ▒▒▒▒ ▒▒▒▒▒▒ ▒▒▒▒▒▒ ▒▒▒ ▒▒▒▒▒▒▒▒ ▒▒▒▒ ▒▒▒▒ ▒▒▒▒▒▒▒ ▒▒▒ ▒▒▒▒▒ ▒▒▒▒▒▒ ▒▒▒▒ ▒▒▒▒▒▒ ▒▒▒ ▒▒▒▒▒▒▒▒ ▒▒▒▒▒ ▒▒▒ ▒▒▒▒▒▒ ▒▒▒▒ ▒▒▒▒▒▒▒ ▒▒▒▒ ▒▒▒▒▒ ▒▒▒▒▒▒ ▒▒▒ ▒▒▒▒▒▒▒▒ ▒▒▒▒ ▒▒▒▒▒ ▒▒▒▒▒▒ ▒▒▒ ▒▒▒▒▒▒▒ ▒▒▒▒▒ ▒▒▒▒▒ ▒▒▒▒ ▒▒▒▒▒▒▒▒ ▒▒▒▒ ▒▒▒▒▒▒ ▒▒▒ ▒▒▒▒▒ ▒▒▒▒▒▒▒ ▒▒▒▒ ▒▒▒▒▒ ▒▒▒▒▒▒ ▒▒▒▒▒▒▒▒ ▒▒▒ ▒▒▒▒▒ ▒▒▒▒ ▒▒▒▒▒▒ ▒▒▒▒▒ ▒▒▒▒▒▒▒ ▒▒▒ ▒▒▒▒▒▒ ▒▒▒▒ ▒▒▒▒▒▒▒ ▒▒▒▒▒ ▒▒▒▒▒ ▒▒▒ ▒▒▒▒▒▒▒▒ ▒▒▒▒ ▒▒▒▒▒ ▒▒▒▒▒▒ ▒▒▒ ▒▒▒▒▒▒▒▒ ▒▒▒ ▒▒▒▒▒ ▒▒▒▒▒▒▒ ▒▒▒▒ ▒▒▒▒▒▒ ▒▒▒ ▒▒▒▒▒ ▒▒▒▒▒▒▒ ▒▒▒▒▒▒ ▒▒▒▒ ▒▒▒▒▒▒▒▒ ▒▒▒▒ ▒▒▒ ▒▒▒▒▒▒ ▒▒▒▒▒ ▒▒▒▒▒▒▒ ▒▒▒▒ ▒▒▒▒▒▒ ▒▒▒ ▒▒▒▒▒▒▒▒

Hochschulnachrichten.

▒▒▒▒▒ ▒▒▒ ▒▒▒▒▒▒▒ ▒▒▒▒▒ ▒▒▒ ▒▒▒▒▒▒ ▒▒▒▒▒▒▒▒ ▒▒▒ ▒▒▒▒▒ ▒▒▒▒▒▒ ▒▒▒▒ ▒▒▒▒▒▒▒▒ ▒▒▒ ▒▒▒▒▒ ▒▒▒▒▒▒▒ ▒▒▒▒ ▒▒▒▒▒▒ ▒▒▒▒ ▒▒▒▒▒ ▒▒▒▒▒▒▒ ▒▒▒ ▒▒▒▒▒ ▒▒▒▒▒▒ ▒▒▒▒▒ ▒▒▒ ▒▒▒▒▒▒▒ ▒▒▒▒▒▒ ▒▒▒▒ ▒▒▒▒▒▒▒▒ ▒▒▒▒ ▒▒▒▒ ▒▒▒▒▒▒ ▒▒▒▒▒▒ ▒▒▒ ▒▒▒▒▒▒▒▒ ▒▒▒▒ ▒▒▒▒ ▒▒▒▒▒▒▒ ▒▒▒ ▒▒▒▒▒ ▒▒▒▒▒▒ ▒▒▒▒ ▒▒▒▒▒▒ ▒▒▒ ▒▒▒▒▒▒▒▒

Wasserstandsnachrichten

▒▒▒▒▒ ▒▒▒ ▒▒▒▒▒▒▒ ▒▒▒▒▒ ▒▒▒ ▒▒▒▒▒▒ ▒▒▒▒▒▒▒▒ ▒▒▒ ▒▒▒▒▒ ▒▒▒▒▒▒ ▒▒▒▒ ▒▒▒▒▒▒▒▒ ▒▒▒ ▒▒▒▒▒ ▒▒▒▒▒▒▒ ▒▒▒▒ ▒▒▒▒▒▒ ▒▒▒▒ ▒▒▒▒▒ ▒▒▒▒▒▒▒ ▒▒▒ ▒▒▒▒▒ ▒▒▒▒▒▒ ▒▒▒▒▒ ▒▒▒ ▒▒▒▒▒▒▒ ▒▒▒▒▒▒ ▒▒▒▒ ▒▒▒▒▒▒▒▒ ▒▒▒▒ ▒▒▒▒ ▒▒▒▒▒▒ ▒▒▒▒▒▒ ▒▒▒ ▒▒▒▒▒▒▒▒ ▒▒▒▒ ▒▒▒▒ ▒▒▒▒▒▒▒ ▒▒▒ ▒▒▒▒▒ ▒▒▒▒▒▒ ▒▒▒▒ ▒▒▒▒▒▒ ▒▒▒ ▒▒▒▒▒▒▒▒ ▒▒▒▒▒ ▒▒▒ ▒▒▒▒▒▒ ▒▒▒▒ ▒▒▒▒▒▒▒ ▒▒▒▒ ▒▒▒▒▒ ▒▒▒▒▒▒ ▒▒▒ ▒▒▒▒▒▒▒▒ ▒▒▒▒ ▒▒▒▒▒ ▒▒▒▒▒▒ ▒▒▒ ▒▒▒▒▒▒▒ ▒▒▒▒▒ ▒▒▒▒▒ ▒▒▒▒ ▒▒▒▒▒▒▒▒ ▒▒▒▒ ▒▒▒▒▒▒ ▒▒▒ ▒▒▒▒▒ ▒▒▒▒▒▒▒ ▒▒▒▒ ▒▒▒▒▒ ▒▒▒▒▒▒ ▒▒▒▒▒▒▒▒ ▒▒▒ ▒▒▒▒▒ ▒▒▒▒ ▒▒▒▒▒▒ ▒▒▒▒▒ ▒▒▒▒▒▒▒ ▒▒▒ ▒▒▒▒▒▒ ▒▒▒▒ ▒▒▒▒▒▒▒ ▒▒▒▒▒ ▒▒▒▒▒ ▒▒▒ ▒▒▒▒▒▒▒▒ ▒▒▒▒ ▒▒▒▒▒ ▒▒▒▒▒▒ ▒▒▒ ▒▒▒▒▒▒▒▒ ▒▒▒ ▒▒▒▒▒ ▒▒▒▒▒▒▒ ▒▒▒▒ ▒▒▒▒▒▒ ▒▒▒ ▒▒▒▒▒ ▒▒▒▒▒▒▒ ▒▒▒▒▒▒ ▒▒▒▒ ▒▒▒▒▒▒▒▒ ▒▒▒▒ ▒▒▒ ▒▒▒▒▒▒ ▒▒▒▒▒ ▒▒▒▒▒▒▒ ▒▒▒▒ ▒▒▒▒▒▒ ▒▒▒ ▒▒▒▒▒▒▒▒

Rich. Fiedler, Optiker, Breslau 1
Albrechtstraße 10 Schweidnitzer Straße 41/42
Praktische Weihnachtsgeschenke
Augengläser aller Art, Theatergläser, Prismen-Feldstecher
Barometer, Thermometer, Experimentier-Motoren
Dampfmaschinen, Kinos, Laterna magica
Schauspielhaus. Heute: „Der Günstling der Zarin.“
Verantwortlich für den politischen Teil: Otto Kreitschmer; für den provinziellen und den weiteren Inhalt Dr. Ludwig Dreßel. Verlag: Otto Kreitschmer. Beide in Breslau. — Druck von Wilh. Gottl. Korn.
